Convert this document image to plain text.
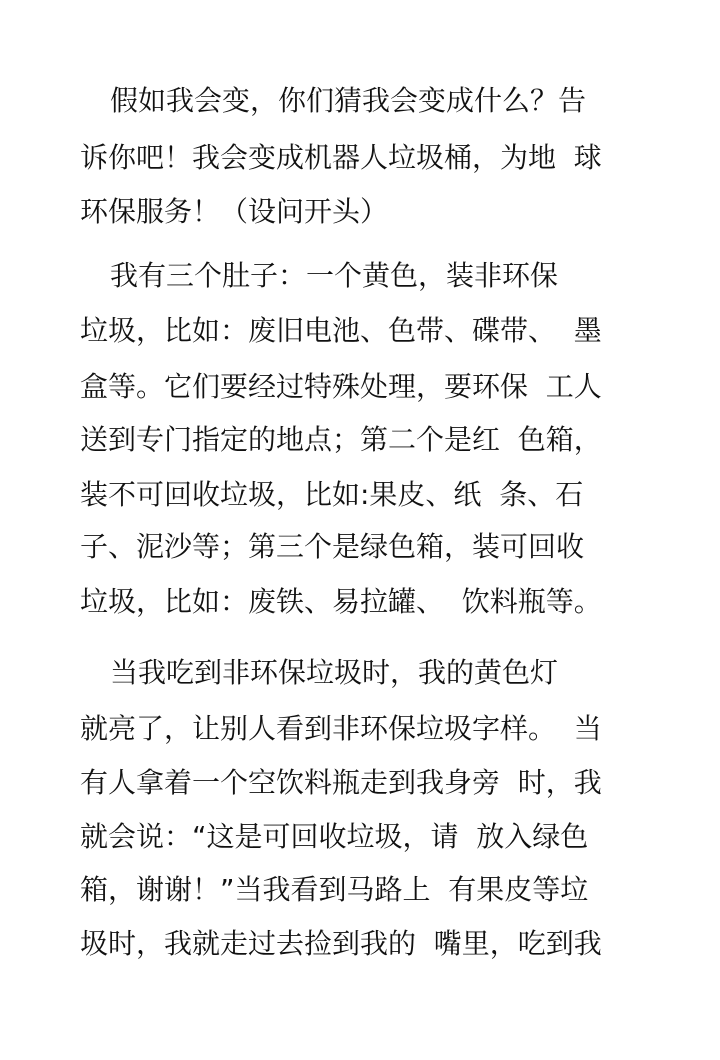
假如我会变，你们猜我会变成什么？告
诉你吧！我会变成机器人垃圾桶，为地  球
环保服务！（设问开头）
我有三个肚子：一个黄色，装非环保
垃圾，比如：废旧电池、色带、碟带、  墨
盒等。它们要经过特殊处理，要环保  工人
送到专门指定的地点；第二个是红  色箱，
装不可回收垃圾，比如:果皮、纸  条、石
子、泥沙等；第三个是绿色箱，装可回收
垃圾，比如：废铁、易拉罐、  饮料瓶等。
当我吃到非环保垃圾时，我的黄色灯
就亮了，让别人看到非环保垃圾字样。  当
有人拿着一个空饮料瓶走到我身旁  时，我
就会说：“这是可回收垃圾，请  放入绿色
箱，谢谢！”当我看到马路上  有果皮等垃
圾时，我就走过去捡到我的  嘴里，吃到我
